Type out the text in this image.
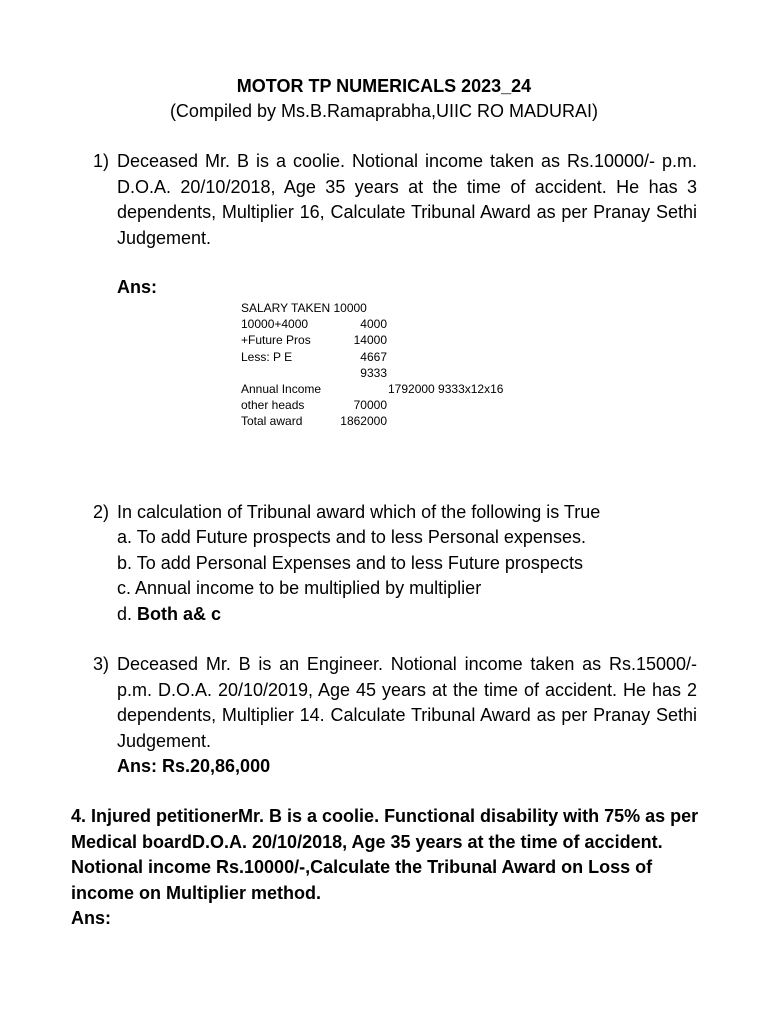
MOTOR TP NUMERICALS 2023_24
(Compiled by Ms.B.Ramaprabha,UIIC RO MADURAI)
1) Deceased Mr. B is a coolie. Notional income taken as Rs.10000/- p.m. D.O.A. 20/10/2018, Age 35 years at the time of accident. He has 3 dependents, Multiplier 16, Calculate Tribunal Award as per Pranay Sethi Judgement.
Ans:
SALARY TAKEN 10000
10000+4000	4000
+Future Pros	14000
Less: P E	4667
9333
Annual Income	1792000 9333x12x16
other heads	70000
Total award	1862000
2) In calculation of Tribunal award which of the following is True
a. To add Future prospects and to less Personal expenses.
b. To add Personal Expenses and to less Future prospects
c. Annual income to be multiplied by multiplier
d. Both a& c
3) Deceased Mr. B is an Engineer. Notional income taken as Rs.15000/- p.m. D.O.A. 20/10/2019, Age 45 years at the time of accident. He has 2 dependents, Multiplier 14. Calculate Tribunal Award as per Pranay Sethi Judgement.
Ans: Rs.20,86,000
4. Injured petitionerMr. B is a coolie. Functional disability with 75% as per
Medical boardD.O.A. 20/10/2018, Age 35 years at the time of accident.
Notional income Rs.10000/-,Calculate the Tribunal Award on Loss of
income on Multiplier method.
Ans:
